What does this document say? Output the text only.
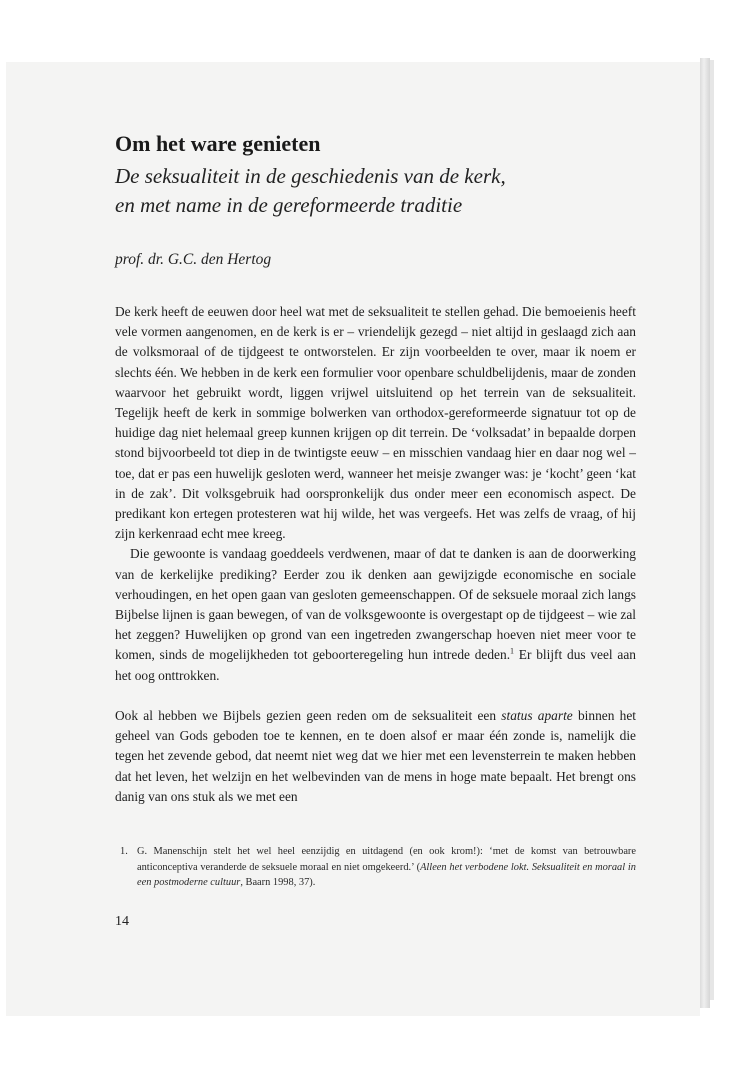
Om het ware genieten
De seksualiteit in de geschiedenis van de kerk,
en met name in de gereformeerde traditie
prof. dr. G.C. den Hertog

De kerk heeft de eeuwen door heel wat met de seksualiteit te stellen gehad. Die bemoeienis heeft vele vormen aangenomen, en de kerk is er – vriendelijk gezegd – niet altijd in geslaagd zich aan de volksmoraal of de tijdgeest te ontworstelen. Er zijn voorbeelden te over, maar ik noem er slechts één. We hebben in de kerk een formulier voor openbare schuldbelijdenis, maar de zonden waarvoor het gebruikt wordt, liggen vrijwel uitsluitend op het terrein van de seksualiteit. Tegelijk heeft de kerk in sommige bolwerken van orthodox-gereformeerde signatuur tot op de huidige dag niet helemaal greep kunnen krijgen op dit terrein. De ‘volksadat’ in bepaalde dorpen stond bijvoorbeeld tot diep in de twintigste eeuw – en misschien vandaag hier en daar nog wel – toe, dat er pas een huwelijk gesloten werd, wanneer het meisje zwanger was: je ‘kocht’ geen ‘kat in de zak’. Dit volksgebruik had oorspronkelijk dus onder meer een economisch aspect. De predikant kon ertegen protesteren wat hij wilde, het was vergeefs. Het was zelfs de vraag, of hij zijn kerkenraad echt mee kreeg.

Die gewoonte is vandaag goeddeels verdwenen, maar of dat te danken is aan de doorwerking van de kerkelijke prediking? Eerder zou ik denken aan gewijzigde economische en sociale verhoudingen, en het open gaan van gesloten gemeenschappen. Of de seksuele moraal zich langs Bijbelse lijnen is gaan bewegen, of van de volksgewoonte is overgestapt op de tijdgeest – wie zal het zeggen? Huwelijken op grond van een ingetreden zwangerschap hoeven niet meer voor te komen, sinds de mogelijkheden tot geboorteregeling hun intrede deden.$^1$ Er blijft dus veel aan het oog onttrokken.

Ook al hebben we Bijbels gezien geen reden om de seksualiteit een status aparte binnen het geheel van Gods geboden toe te kennen, en te doen alsof er maar één zonde is, namelijk die tegen het zevende gebod, dat neemt niet weg dat we hier met een levensterrein te maken hebben dat het leven, het welzijn en het welbevinden van de mens in hoge mate bepaalt. Het brengt ons danig van ons stuk als we met een

1. G. Manenschijn stelt het wel heel eenzijdig en uitdagend (en ook krom!): ‘met de komst van betrouwbare anticonceptiva veranderde de seksuele moraal en niet omgekeerd.’ (Alleen het verbodene lokt. Seksualiteit en moraal in een postmoderne cultuur, Baarn 1998, 37).
14
